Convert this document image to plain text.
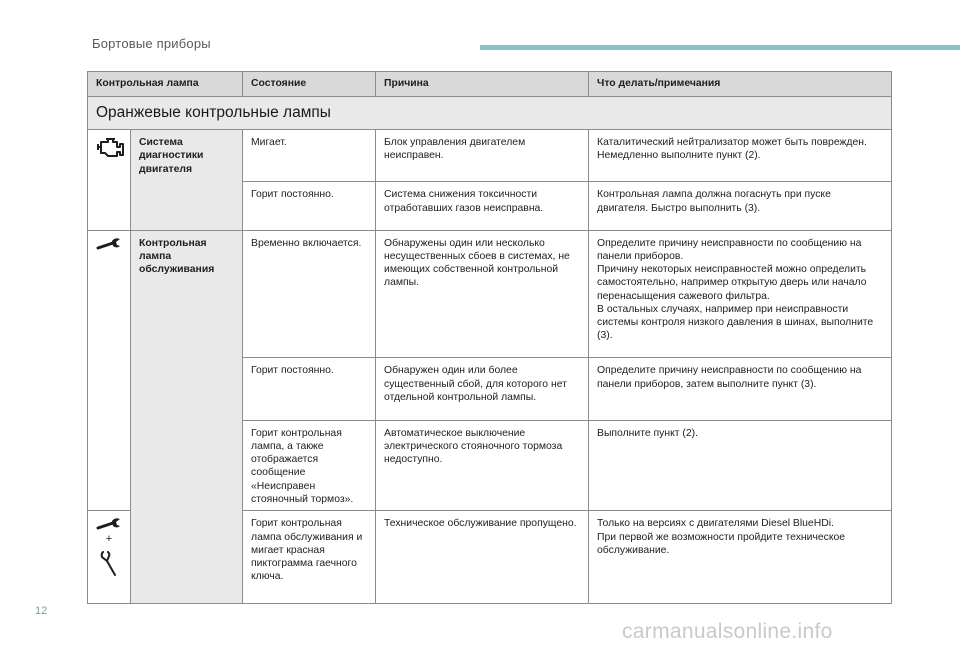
Бортовые приборы
Контрольная лампа		Состояние	Причина	Что делать/примечания
Оранжевые контрольные лампы				
	Система диагностики двигателя	Мигает.	Блок управления двигателем неисправен.	Каталитический нейтрализатор может быть поврежден. Немедленно выполните пункт (2).
		Горит постоянно.	Система снижения токсичности отработавших газов неисправна.	Контрольная лампа должна погаснуть при пуске двигателя. Быстро выполнить (3).
	Контрольная лампа обслуживания	Временно включается.	Обнаружены один или несколько несущественных сбоев в системах, не имеющих собственной контрольной лампы.	Определите причину неисправности по сообщению на панели приборов.
Причину некоторых неисправностей можно определить самостоятельно, например открытую дверь или начало перенасыщения сажевого фильтра.
В остальных случаях, например при неисправности системы контроля низкого давления в шинах, выполните (3).
		Горит постоянно.	Обнаружен один или более существенный сбой, для которого нет отдельной контрольной лампы.	Определите причину неисправности по сообщению на панели приборов, затем выполните пункт (3).
		Горит контрольная лампа, а также отображается сообщение «Неисправен стояночный тормоз».	Автоматическое выключение электрического стояночного тормоза недоступно.	Выполните пункт (2).

+		Горит контрольная лампа обслуживания и мигает красная пиктограмма гаечного ключа.	Техническое обслуживание пропущено.	Только на версиях с двигателями Diesel BlueHDi.
При первой же возможности пройдите техническое обслуживание.
12
carmanualsonline.info
